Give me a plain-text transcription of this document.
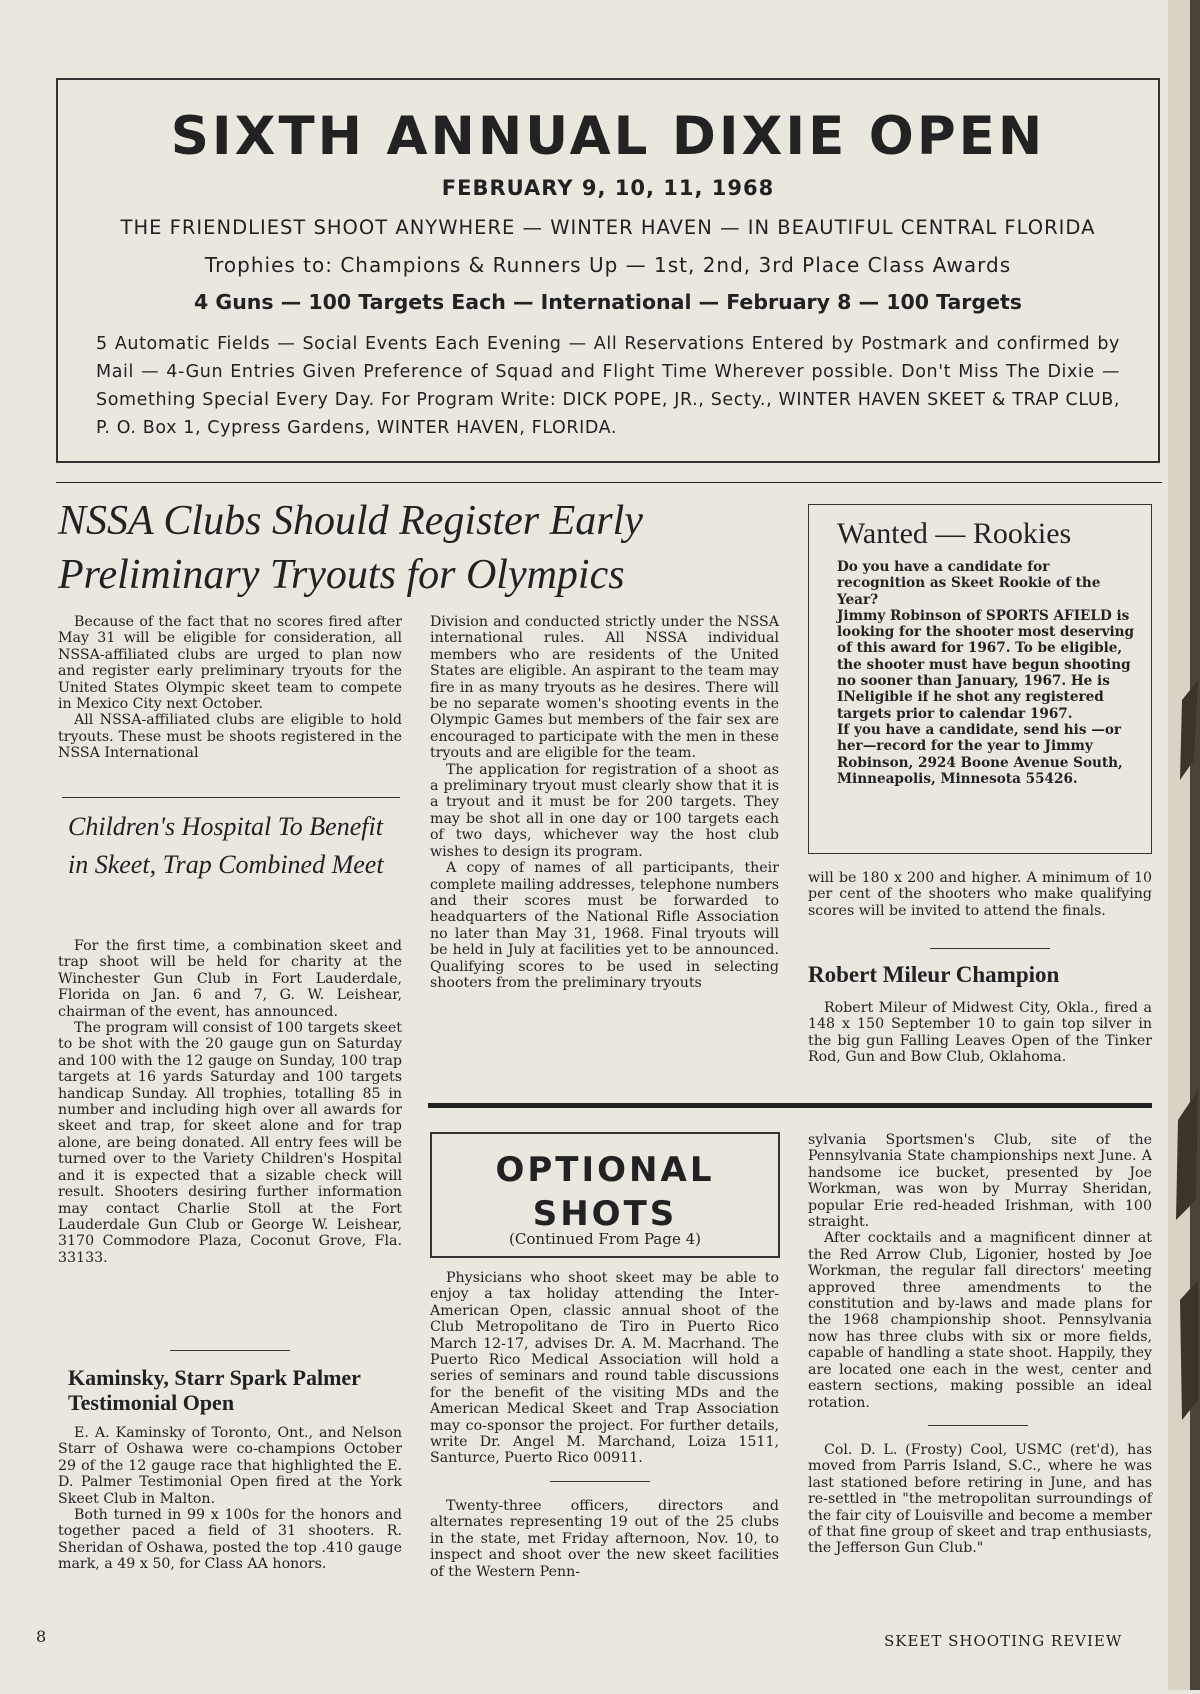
SIXTH ANNUAL DIXIE OPEN
FEBRUARY 9, 10, 11, 1968
THE FRIENDLIEST SHOOT ANYWHERE — WINTER HAVEN — IN BEAUTIFUL CENTRAL FLORIDA
Trophies to: Champions & Runners Up — 1st, 2nd, 3rd Place Class Awards
4 Guns — 100 Targets Each — International — February 8 — 100 Targets
5 Automatic Fields — Social Events Each Evening — All Reservations Entered by Postmark and confirmed by Mail — 4-Gun Entries Given Preference of Squad and Flight Time Wherever possible. Don't Miss The Dixie — Something Special Every Day. For Program Write: DICK POPE, JR., Secty., WINTER HAVEN SKEET & TRAP CLUB, P. O. Box 1, Cypress Gardens, WINTER HAVEN, FLORIDA.
NSSA Clubs Should Register Early
Preliminary Tryouts for Olympics

Because of the fact that no scores fired after May 31 will be eligible for consideration, all NSSA-affiliated clubs are urged to plan now and register early preliminary tryouts for the United States Olympic skeet team to compete in Mexico City next October.

All NSSA-affiliated clubs are eligible to hold tryouts. These must be shoots registered in the NSSA International

Division and conducted strictly under the NSSA international rules. All NSSA individual members who are residents of the United States are eligible. An aspirant to the team may fire in as many tryouts as he desires. There will be no separate women's shooting events in the Olympic Games but members of the fair sex are encouraged to participate with the men in these tryouts and are eligible for the team.

The application for registration of a shoot as a preliminary tryout must clearly show that it is a tryout and it must be for 200 targets. They may be shot all in one day or 100 targets each of two days, whichever way the host club wishes to design its program.

A copy of names of all participants, their complete mailing addresses, telephone numbers and their scores must be forwarded to headquarters of the National Rifle Association no later than May 31, 1968. Final tryouts will be held in July at facilities yet to be announced. Qualifying scores to be used in selecting shooters from the preliminary tryouts

Wanted — Rookies

Do you have a candidate for recognition as Skeet Rookie of the Year?

Jimmy Robinson of SPORTS AFIELD is looking for the shooter most deserving of this award for 1967. To be eligible, the shooter must have begun shooting no sooner than January, 1967. He is INeligible if he shot any registered targets prior to calendar 1967.

If you have a candidate, send his —or her—record for the year to Jimmy Robinson, 2924 Boone Avenue South, Minneapolis, Minnesota 55426.

will be 180 x 200 and higher. A minimum of 10 per cent of the shooters who make qualifying scores will be invited to attend the finals.

Children's Hospital To Benefit in Skeet, Trap Combined Meet

For the first time, a combination skeet and trap shoot will be held for charity at the Winchester Gun Club in Fort Lauderdale, Florida on Jan. 6 and 7, G. W. Leishear, chairman of the event, has announced.

The program will consist of 100 targets skeet to be shot with the 20 gauge gun on Saturday and 100 with the 12 gauge on Sunday, 100 trap targets at 16 yards Saturday and 100 targets handicap Sunday. All trophies, totalling 85 in number and including high over all awards for skeet and trap, for skeet alone and for trap alone, are being donated. All entry fees will be turned over to the Variety Children's Hospital and it is expected that a sizable check will result. Shooters desiring further information may contact Charlie Stoll at the Fort Lauderdale Gun Club or George W. Leishear, 3170 Commodore Plaza, Coconut Grove, Fla. 33133.

Kaminsky, Starr Spark Palmer Testimonial Open

E. A. Kaminsky of Toronto, Ont., and Nelson Starr of Oshawa were co-champions October 29 of the 12 gauge race that highlighted the E. D. Palmer Testimonial Open fired at the York Skeet Club in Malton.

Both turned in 99 x 100s for the honors and together paced a field of 31 shooters. R. Sheridan of Oshawa, posted the top .410 gauge mark, a 49 x 50, for Class AA honors.

Robert Mileur Champion

Robert Mileur of Midwest City, Okla., fired a 148 x 150 September 10 to gain top silver in the big gun Falling Leaves Open of the Tinker Rod, Gun and Bow Club, Oklahoma.

OPTIONAL SHOTS
(Continued From Page 4)

Physicians who shoot skeet may be able to enjoy a tax holiday attending the Inter-American Open, classic annual shoot of the Club Metropolitano de Tiro in Puerto Rico March 12-17, advises Dr. A. M. Macrhand. The Puerto Rico Medical Association will hold a series of seminars and round table discussions for the benefit of the visiting MDs and the American Medical Skeet and Trap Association may co-sponsor the project. For further details, write Dr. Angel M. Marchand, Loiza 1511, Santurce, Puerto Rico 00911.

Twenty-three officers, directors and alternates representing 19 out of the 25 clubs in the state, met Friday afternoon, Nov. 10, to inspect and shoot over the new skeet facilities of the Western Penn-

sylvania Sportsmen's Club, site of the Pennsylvania State championships next June. A handsome ice bucket, presented by Joe Workman, was won by Murray Sheridan, popular Erie red-headed Irishman, with 100 straight.

After cocktails and a magnificent dinner at the Red Arrow Club, Ligonier, hosted by Joe Workman, the regular fall directors' meeting approved three amendments to the constitution and by-laws and made plans for the 1968 championship shoot. Pennsylvania now has three clubs with six or more fields, capable of handling a state shoot. Happily, they are located one each in the west, center and eastern sections, making possible an ideal rotation.

Col. D. L. (Frosty) Cool, USMC (ret'd), has moved from Parris Island, S.C., where he was last stationed before retiring in June, and has re-settled in "the metropolitan surroundings of the fair city of Louisville and become a member of that fine group of skeet and trap enthusiasts, the Jefferson Gun Club."

8	SKEET SHOOTING REVIEW
